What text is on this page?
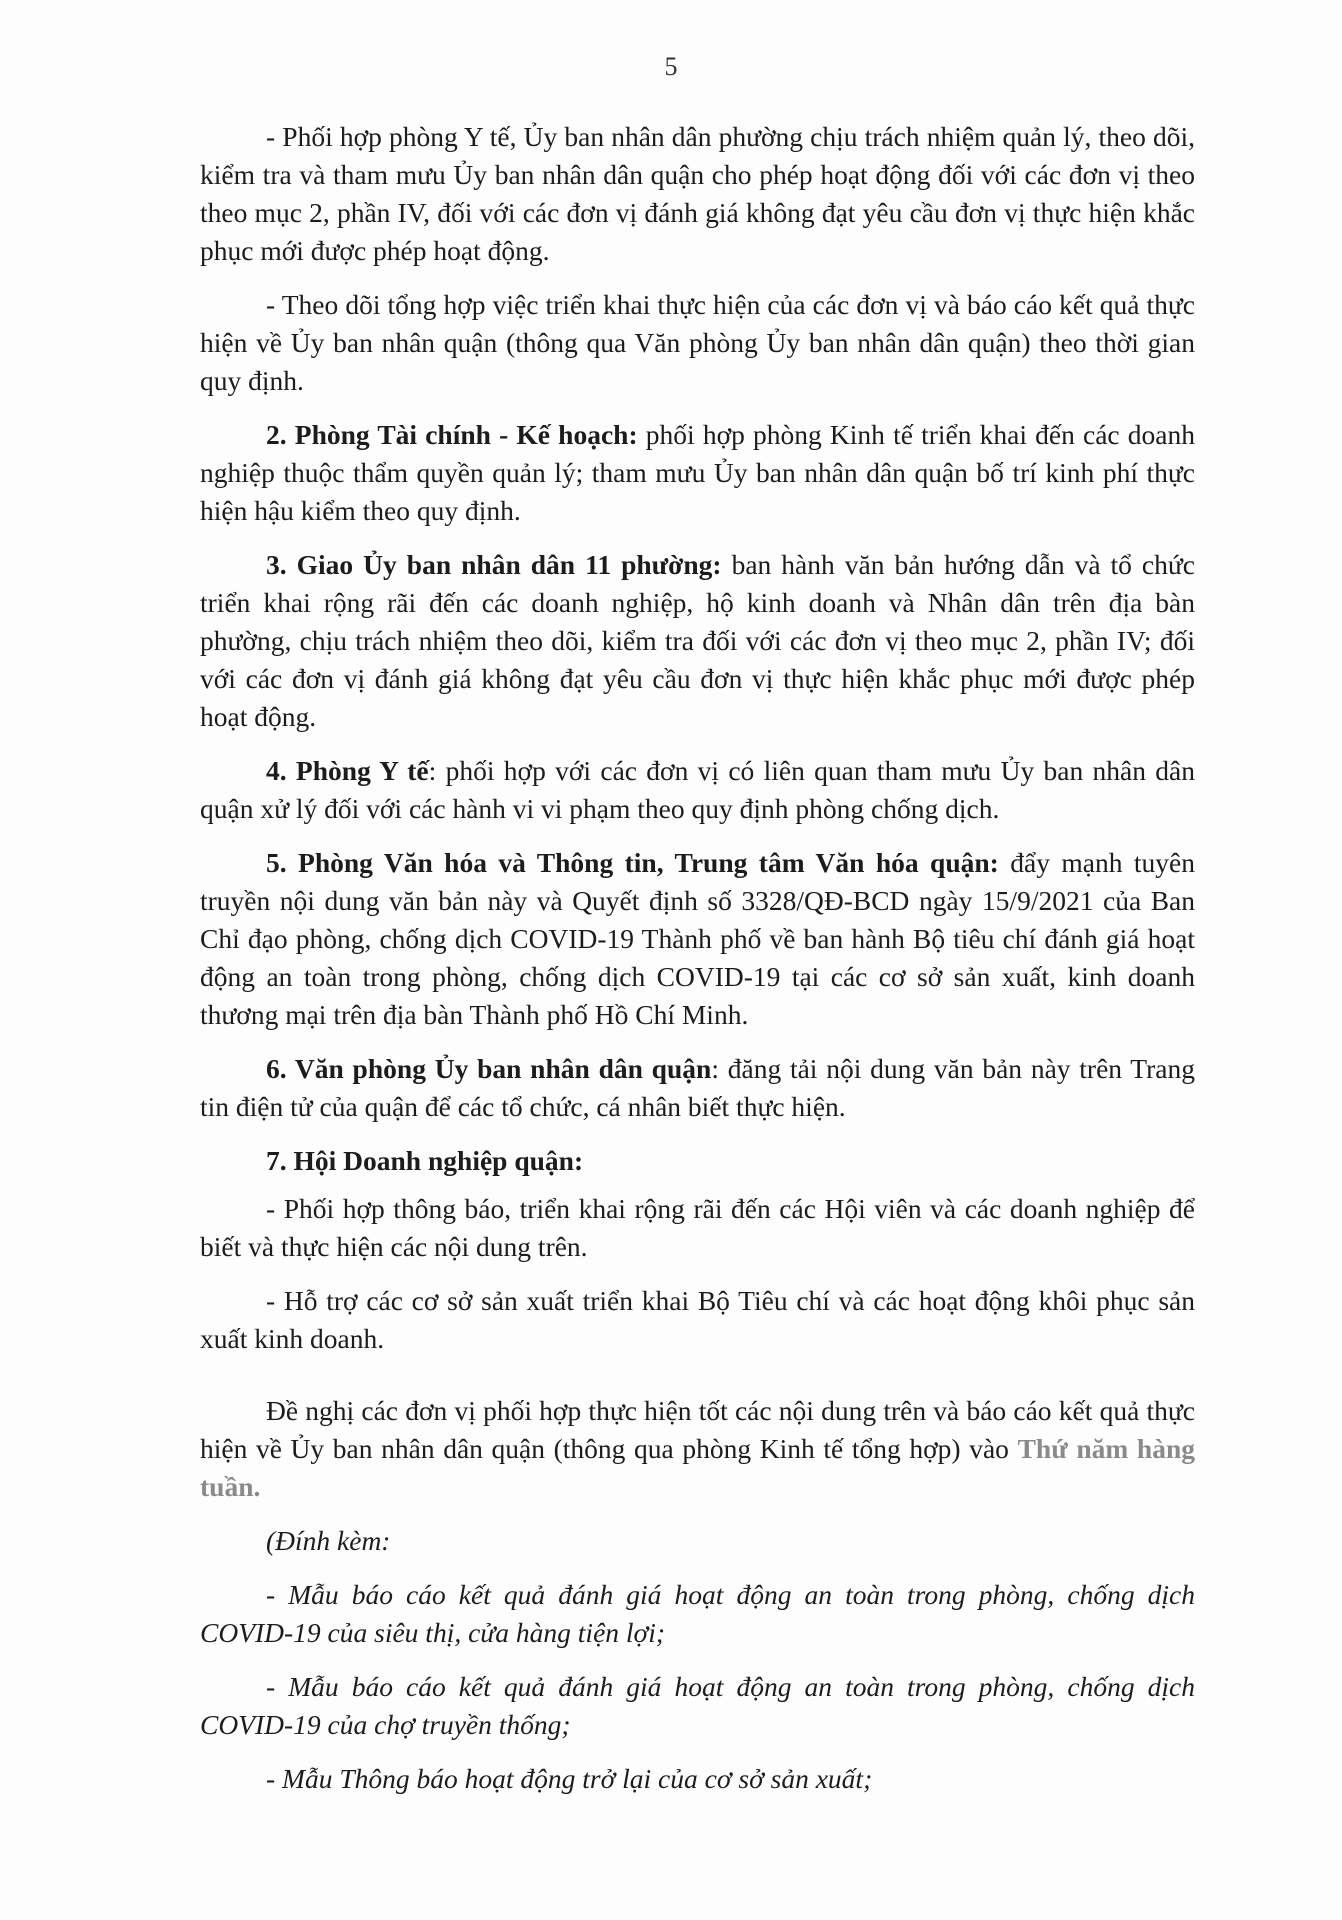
5

- Phối hợp phòng Y tế, Ủy ban nhân dân phường chịu trách nhiệm quản lý, theo dõi, kiểm tra và tham mưu Ủy ban nhân dân quận cho phép hoạt động đối với các đơn vị theo theo mục 2, phần IV, đối với các đơn vị đánh giá không đạt yêu cầu đơn vị thực hiện khắc phục mới được phép hoạt động.

- Theo dõi tổng hợp việc triển khai thực hiện của các đơn vị và báo cáo kết quả thực hiện về Ủy ban nhân quận (thông qua Văn phòng Ủy ban nhân dân quận) theo thời gian quy định.

2. Phòng Tài chính - Kế hoạch: phối hợp phòng Kinh tế triển khai đến các doanh nghiệp thuộc thẩm quyền quản lý; tham mưu Ủy ban nhân dân quận bố trí kinh phí thực hiện hậu kiểm theo quy định.

3. Giao Ủy ban nhân dân 11 phường: ban hành văn bản hướng dẫn và tổ chức triển khai rộng rãi đến các doanh nghiệp, hộ kinh doanh và Nhân dân trên địa bàn phường, chịu trách nhiệm theo dõi, kiểm tra đối với các đơn vị theo mục 2, phần IV; đối với các đơn vị đánh giá không đạt yêu cầu đơn vị thực hiện khắc phục mới được phép hoạt động.

4. Phòng Y tế: phối hợp với các đơn vị có liên quan tham mưu Ủy ban nhân dân quận xử lý đối với các hành vi vi phạm theo quy định phòng chống dịch.

5. Phòng Văn hóa và Thông tin, Trung tâm Văn hóa quận: đẩy mạnh tuyên truyền nội dung văn bản này và Quyết định số 3328/QĐ-BCD ngày 15/9/2021 của Ban Chỉ đạo phòng, chống dịch COVID-19 Thành phố về ban hành Bộ tiêu chí đánh giá hoạt động an toàn trong phòng, chống dịch COVID-19 tại các cơ sở sản xuất, kinh doanh thương mại trên địa bàn Thành phố Hồ Chí Minh.

6. Văn phòng Ủy ban nhân dân quận: đăng tải nội dung văn bản này trên Trang tin điện tử của quận để các tổ chức, cá nhân biết thực hiện.

7. Hội Doanh nghiệp quận:

- Phối hợp thông báo, triển khai rộng rãi đến các Hội viên và các doanh nghiệp để biết và thực hiện các nội dung trên.

- Hỗ trợ các cơ sở sản xuất triển khai Bộ Tiêu chí và các hoạt động khôi phục sản xuất kinh doanh.

Đề nghị các đơn vị phối hợp thực hiện tốt các nội dung trên và báo cáo kết quả thực hiện về Ủy ban nhân dân quận (thông qua phòng Kinh tế tổng hợp) vào Thứ năm hàng tuần.

(Đính kèm:

- Mẫu báo cáo kết quả đánh giá hoạt động an toàn trong phòng, chống dịch COVID-19 của siêu thị, cửa hàng tiện lợi;

- Mẫu báo cáo kết quả đánh giá hoạt động an toàn trong phòng, chống dịch COVID-19 của chợ truyền thống;

- Mẫu Thông báo hoạt động trở lại của cơ sở sản xuất;
